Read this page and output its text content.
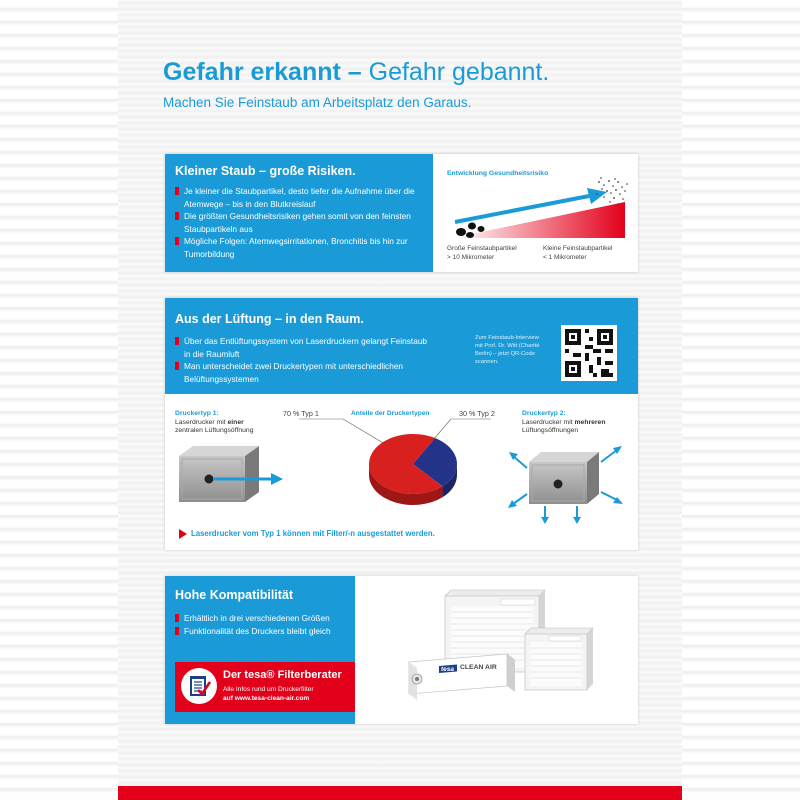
Gefahr erkannt – Gefahr gebannt.
Machen Sie Feinstaub am Arbeitsplatz den Garaus.
Kleiner Staub – große Risiken.
Je kleiner die Staubpartikel, desto tiefer die Aufnahme über die Atemwege – bis in den Blutkreislauf
Die größten Gesundheitsrisiken gehen somit von den feinsten Staubpartikeln aus
Mögliche Folgen: Atemwegsirritationen, Bronchitis bis hin zur Tumorbildung
Entwicklung Gesundheitsrisiko
Große Feinstaubpartikel
> 10 Mikrometer
Kleine Feinstaubpartikel
< 1 Mikrometer
Aus der Lüftung – in den Raum.
Über das Entlüftungssystem von Laserdruckern gelangt Feinstaub in die Raumluft
Man unterscheidet zwei Druckertypen mit unterschiedlichen Belüftungssystemen
Zum Feinstaub-Interview
mit Prof. Dr. Witt (Charité
Berlin) – jetzt QR-Code
scannen.
Druckertyp 1:
Laserdrucker mit einer
zentralen Lüftungsöffnung
70 % Typ 1	Anteile der Druckertypen	30 % Typ 2	Druckertyp 2:
Laserdrucker mit mehreren
Lüftungsöffnungen
Laserdrucker vom Typ 1 können mit Filter/-n ausgestattet werden.
Hohe Kompatibilität
Erhältlich in drei verschiedenen Größen
Funktionalität des Druckers bleibt gleich
Der tesa® Filterberater
Alle Infos rund um Druckerfilter
auf www.tesa-clean-air.com
tesa CLEAN AIR
